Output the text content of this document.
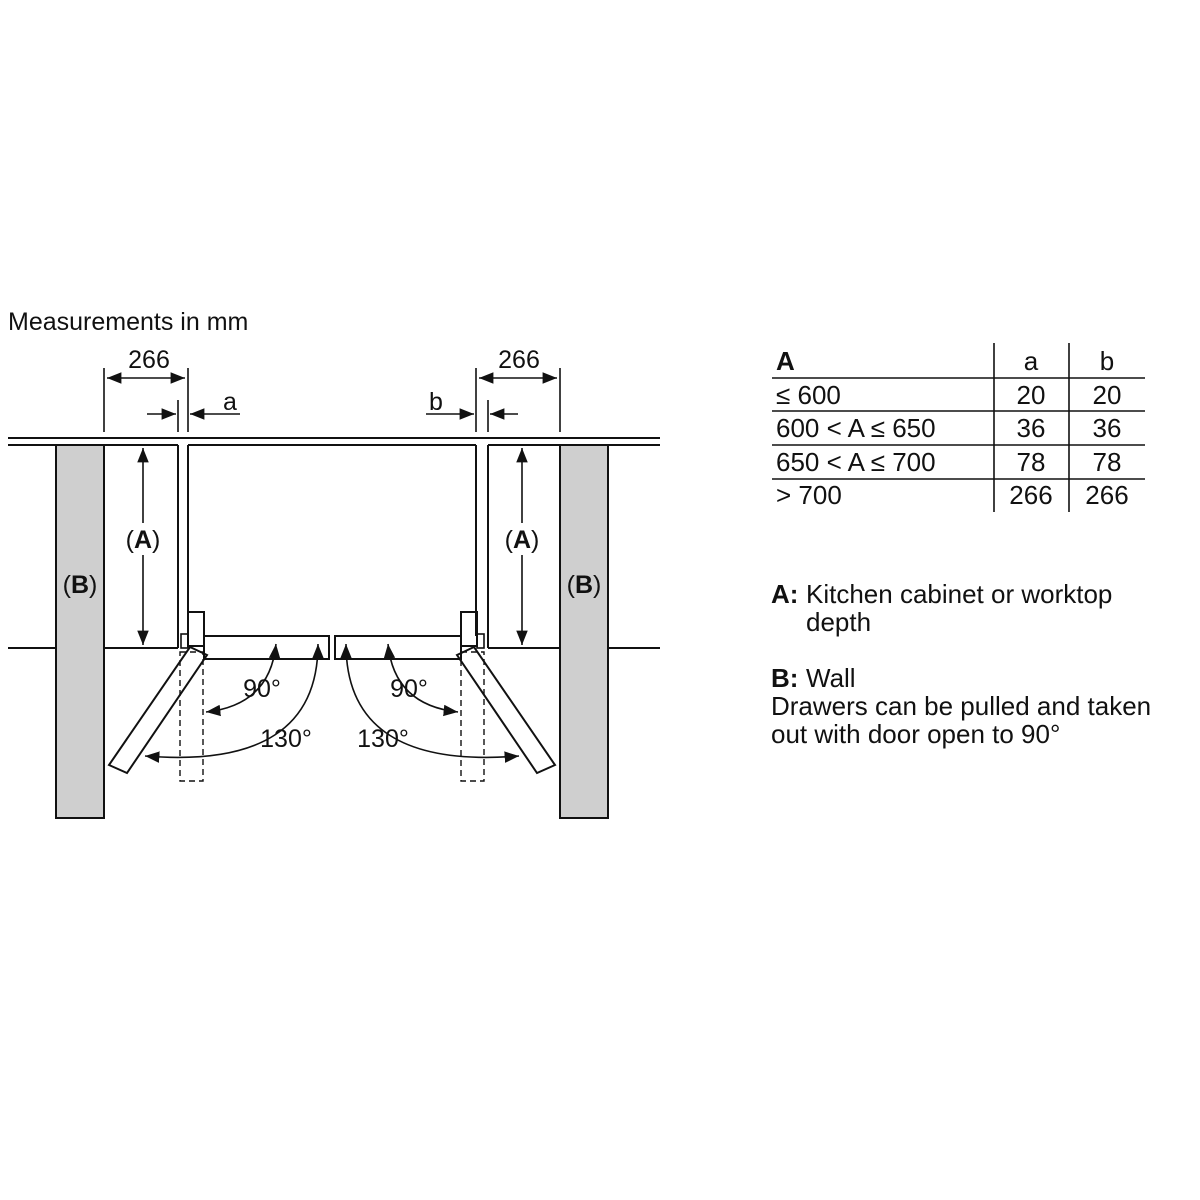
Measurements in mm
266	266
a	b
(A)	(A)
(B)	(B)
90°	90°
130° 130°
A	a b
≤ 600	20 20
600 < A ≤ 650	36 36
650 < A ≤ 700	78 78
> 700	266 266
A: Kitchen cabinet or worktop
depth
B: Wall
Drawers can be pulled and taken
out with door open to 90°
